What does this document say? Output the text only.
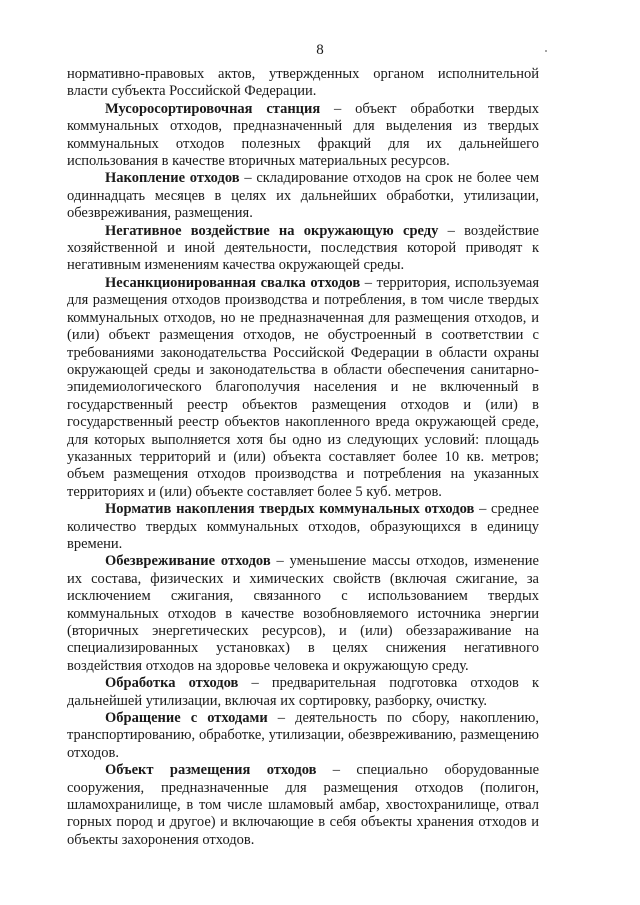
8

нормативно-правовых актов, утвержденных органом исполнительной власти субъекта Российской Федерации.

Мусоросортировочная станция – объект обработки твердых коммунальных отходов, предназначенный для выделения из твердых коммунальных отходов полезных фракций для их дальнейшего использования в качестве вторичных материальных ресурсов.

Накопление отходов – складирование отходов на срок не более чем одиннадцать месяцев в целях их дальнейших обработки, утилизации, обезвреживания, размещения.

Негативное воздействие на окружающую среду – воздействие хозяйственной и иной деятельности, последствия которой приводят к негативным изменениям качества окружающей среды.

Несанкционированная свалка отходов – территория, используемая для размещения отходов производства и потребления, в том числе твердых коммунальных отходов, но не предназначенная для размещения отходов, и (или) объект размещения отходов, не обустроенный в соответствии с требованиями законодательства Российской Федерации в области охраны окружающей среды и законодательства в области обеспечения санитарно-эпидемиологического благополучия населения и не включенный в государственный реестр объектов размещения отходов и (или) в государственный реестр объектов накопленного вреда окружающей среде, для которых выполняется хотя бы одно из следующих условий: площадь указанных территорий и (или) объекта составляет более 10 кв. метров; объем размещения отходов производства и потребления на указанных территориях и (или) объекте составляет более 5 куб. метров.

Норматив накопления твердых коммунальных отходов – среднее количество твердых коммунальных отходов, образующихся в единицу времени.

Обезвреживание отходов – уменьшение массы отходов, изменение их состава, физических и химических свойств (включая сжигание, за исключением сжигания, связанного с использованием твердых коммунальных отходов в качестве возобновляемого источника энергии (вторичных энергетических ресурсов), и (или) обеззараживание на специализированных установках) в целях снижения негативного воздействия отходов на здоровье человека и окружающую среду.

Обработка отходов – предварительная подготовка отходов к дальнейшей утилизации, включая их сортировку, разборку, очистку.

Обращение с отходами – деятельность по сбору, накоплению, транспортированию, обработке, утилизации, обезвреживанию, размещению отходов.

Объект размещения отходов – специально оборудованные сооружения, предназначенные для размещения отходов (полигон, шламохранилище, в том числе шламовый амбар, хвостохранилище, отвал горных пород и другое) и включающие в себя объекты хранения отходов и объекты захоронения отходов.
